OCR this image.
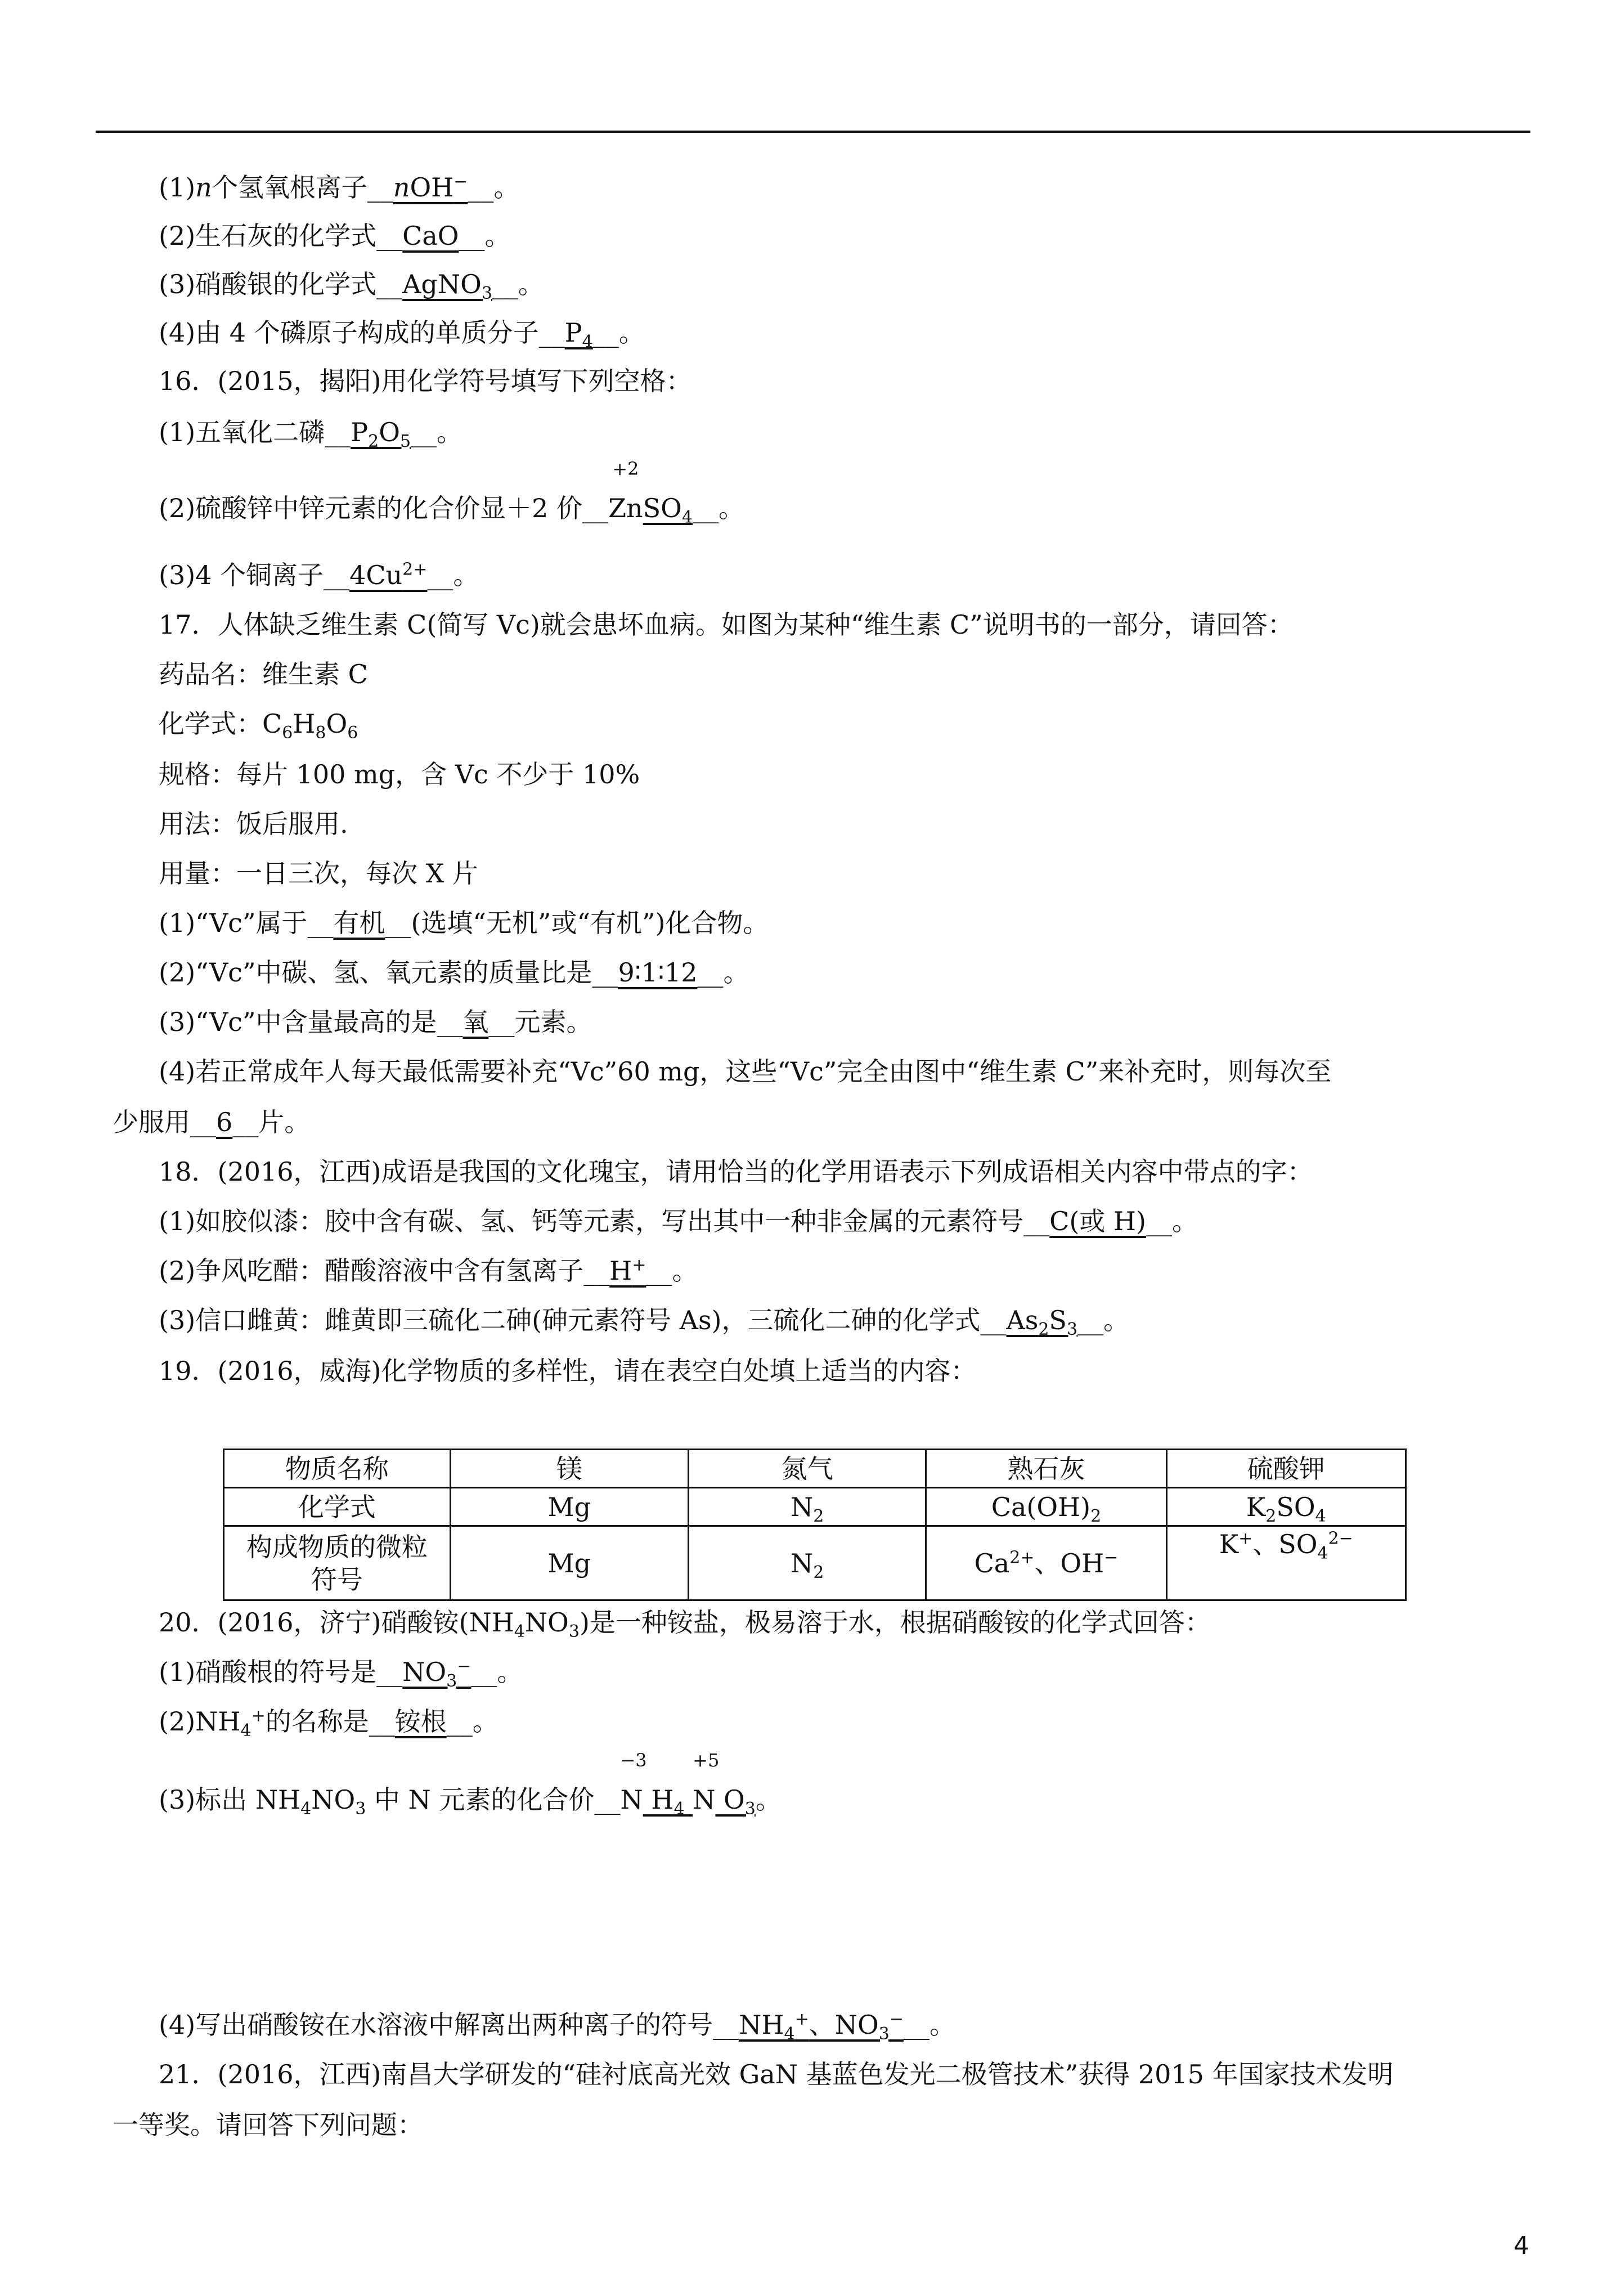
(1)n个氢氧根离子__nOH−__。
(2)生石灰的化学式__CaO__。
(3)硝酸银的化学式__AgNO$_3$__。
(4)由 4 个磷原子构成的单质分子$\_\_P_4\_\_$。
16．(2015，揭阳)用化学符号填写下列空格：
(1)五氧化二磷$\_\_P_2O_5\_\_$。
(2)硫酸锌中锌元素的化合价显＋2 价__
+2
ZnSO$_4$__。
(3)4 个铜离子$\_\_4Cu^{2+}\_\_$。
17．人体缺乏维生素 C(简写 Vc)就会患坏血病。如图为某种“维生素 C”说明书的一部分，请回答：
药品名：维生素 C
化学式：$C_6H_8O_6$
规格：每片 100 mg，含 Vc 不少于 10%
用法：饭后服用.
用量：一日三次，每次 X 片
(1)“Vc”属于__有机__(选填“无机”或“有机”)化合物。
(2)“Vc”中碳、氢、氧元素的质量比是__9∶1∶12__。
(3)“Vc”中含量最高的是__氧__元素。
(4)若正常成年人每天最低需要补充“Vc”60 mg，这些“Vc”完全由图中“维生素 C”来补充时，则每次至
少服用__6__片。
18．(2016，江西)成语是我国的文化瑰宝，请用恰当的化学用语表示下列成语相关内容中带点的字：
(1)如胶似漆：胶中含有碳、氢、钙等元素，写出其中一种非金属的元素符号__C(或 H)__。
(2)争风吃醋：醋酸溶液中含有氢离子__H+__。
(3)信口雌黄：雌黄即三硫化二砷(砷元素符号 As)，三硫化二砷的化学式$\_\_As_2S_3\_\_$。
19．(2016，威海)化学物质的多样性，请在表空白处填上适当的内容：
物质名称	镁	氮气	熟石灰	硫酸钾
化学式	Mg	$N_2$	$Ca(OH)_2$	$K_2SO_4$
构成物质的微粒
符号	Mg	$N_2$	$Ca^{2+}$、OH−	K+、$SO_4^{2-}$
20．(2016，济宁)硝酸铵$(NH_4NO_3)$是一种铵盐，极易溶于水，根据硝酸铵的化学式回答：
(1)硝酸根的符号是$\_\_NO_3^-\_\_$。
$(2)NH_4^+$的名称是__铵根__。
(3)标出 $NH_4NO_3$ 中 N 元素的化合价__
−3
N $H_4$
+5
N $O_3$。
(4)写出硝酸铵在水溶液中解离出两种离子的符号$\_\_NH_4^+$、$NO_3^-\_\_$。
21．(2016，江西)南昌大学研发的“硅衬底高光效 GaN 基蓝色发光二极管技术”获得 2015 年国家技术发明
一等奖。请回答下列问题：
4
